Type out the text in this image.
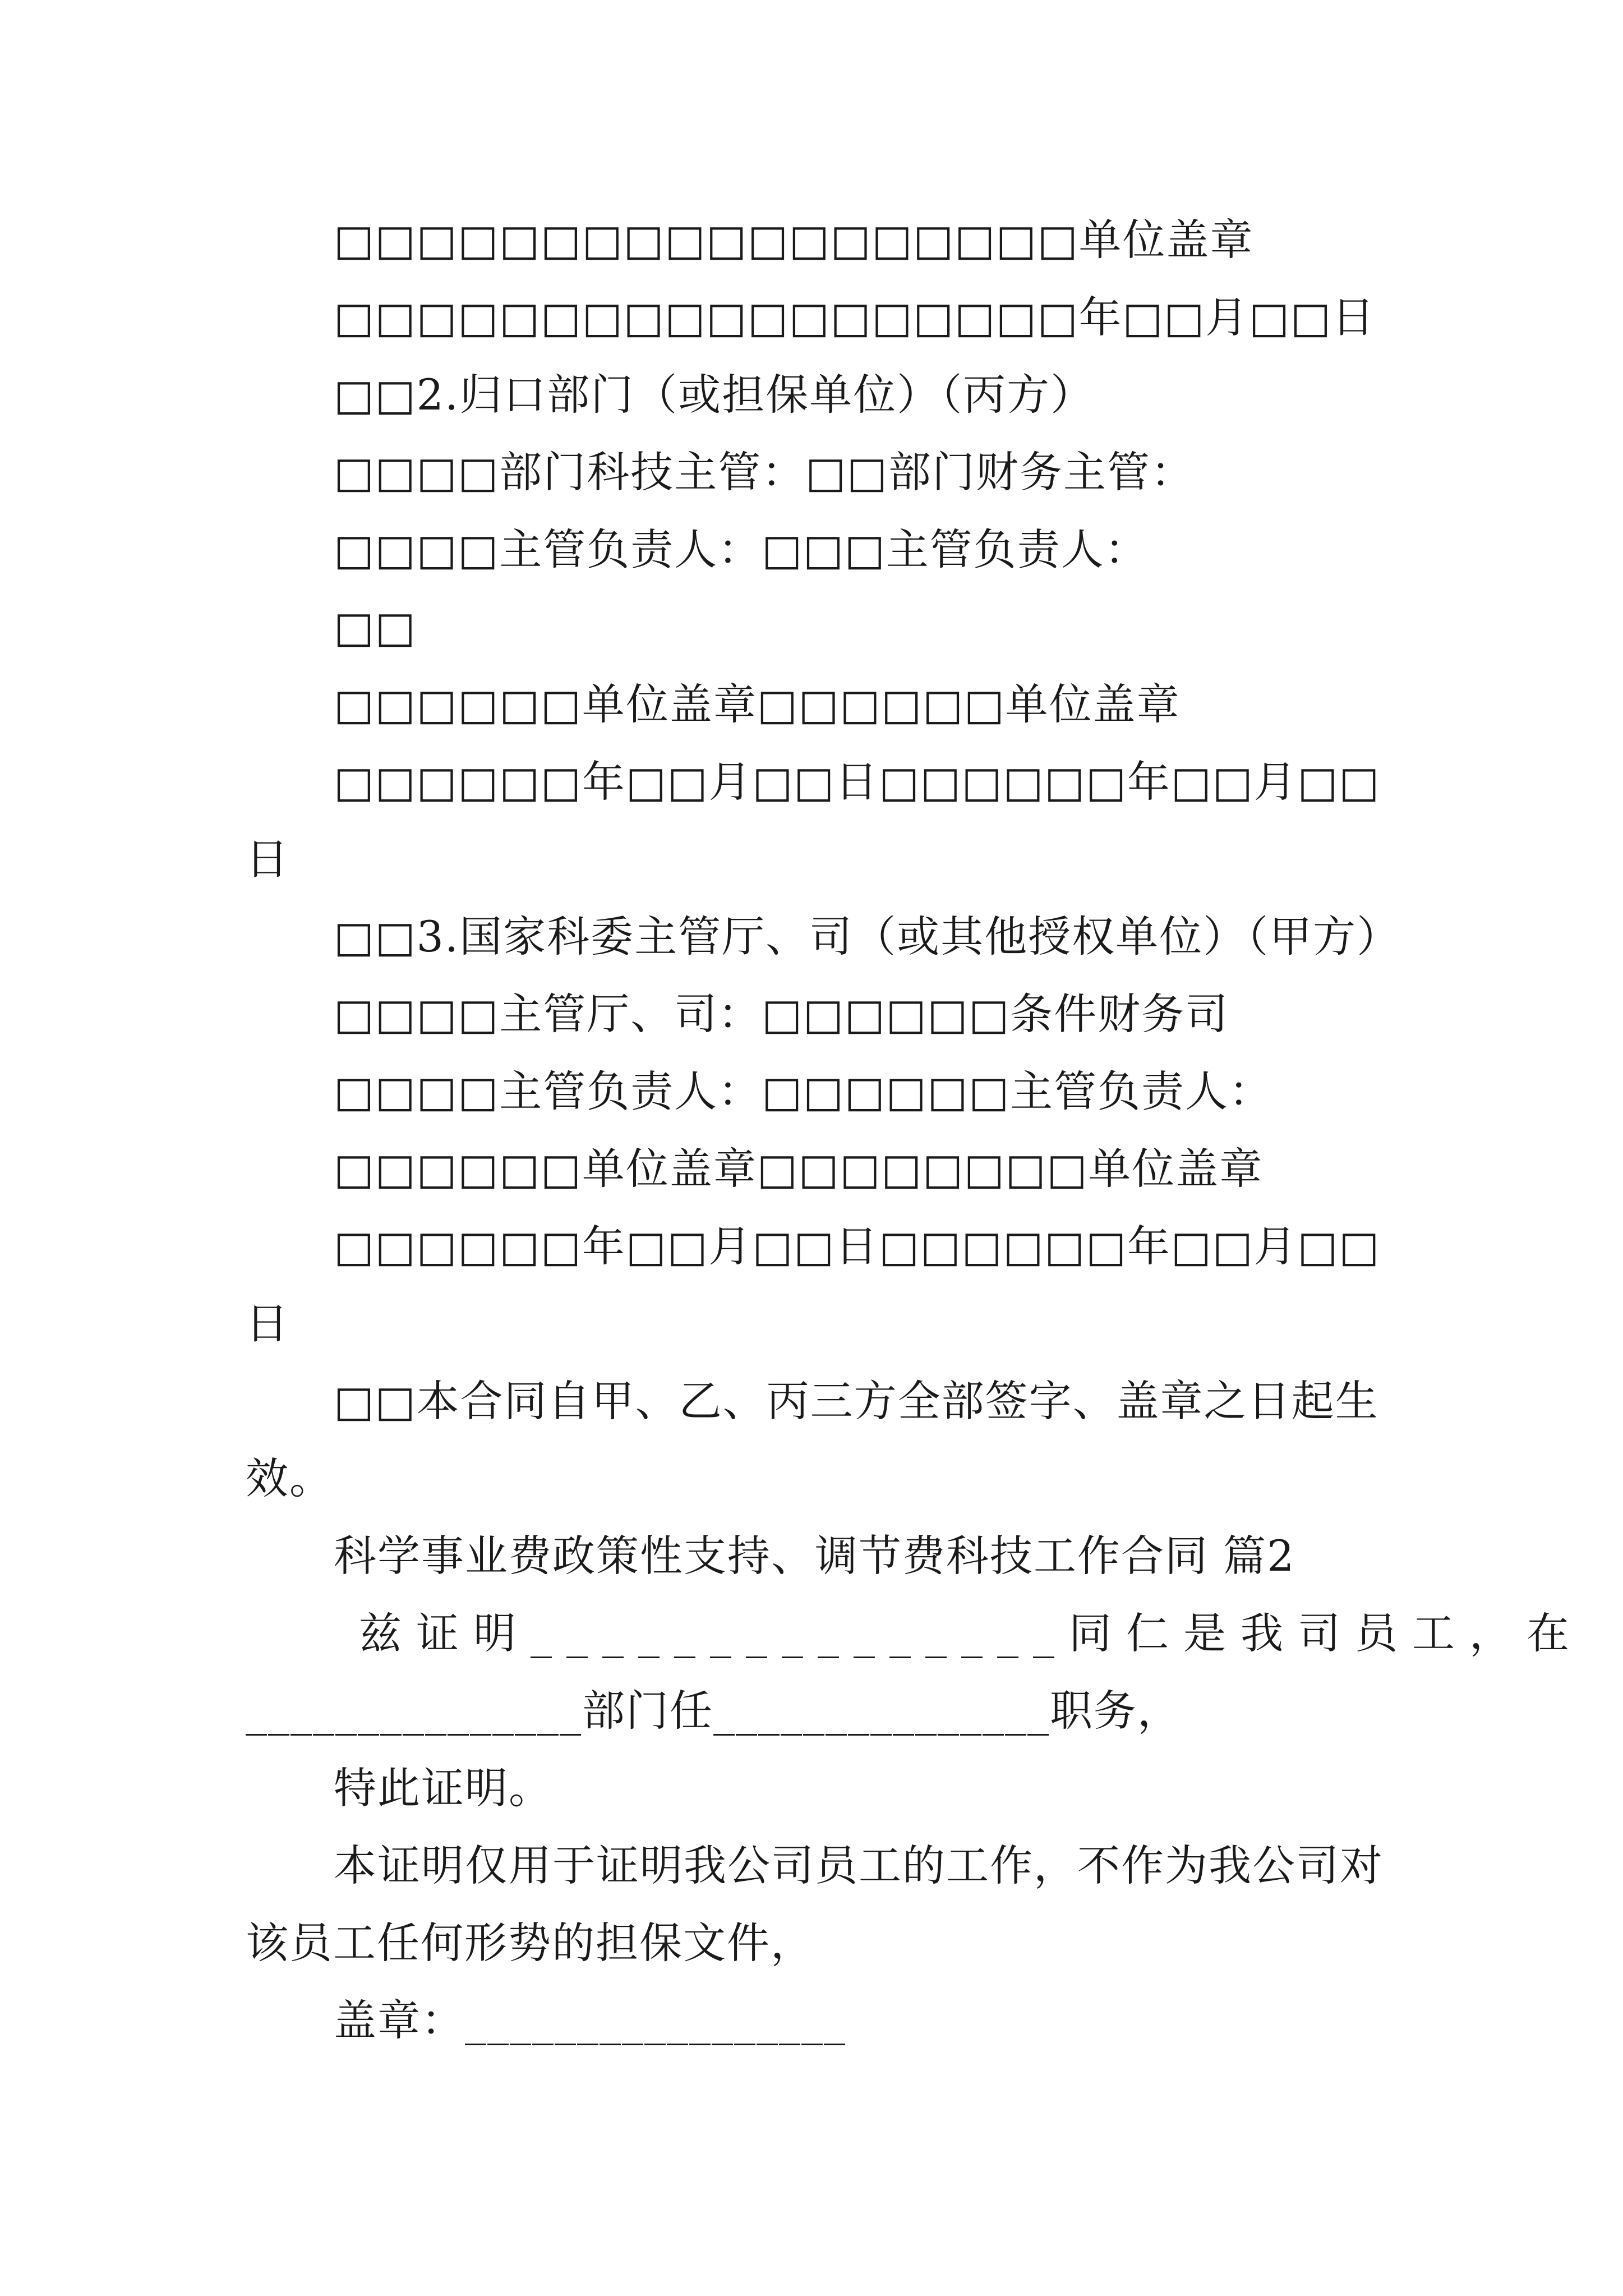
□□□□□□□□□□□□□□□□□□单位盖章
□□□□□□□□□□□□□□□□□□年□□月□□日
□□2.归口部门（或担保单位）（丙方）
□□□□部门科技主管：□□部门财务主管：
□□□□主管负责人：□□□主管负责人：
□□
□□□□□□单位盖章□□□□□□单位盖章
□□□□□□年□□月□□日□□□□□□年□□月□□
日
□□3.国家科委主管厅、司（或其他授权单位）（甲方）
□□□□主管厅、司：□□□□□□条件财务司
□□□□主管负责人：□□□□□□主管负责人：
□□□□□□单位盖章□□□□□□□□单位盖章
□□□□□□年□□月□□日□□□□□□年□□月□□
日
□□本合同自甲、乙、丙三方全部签字、盖章之日起生
效。
科学事业费政策性支持、调节费科技工作合同 篇2
兹证明_______________同仁是我司员工，在
_______________部门任_______________职务，
特此证明。
本证明仅用于证明我公司员工的工作，不作为我公司对
该员工任何形势的担保文件，
盖章：_________________
